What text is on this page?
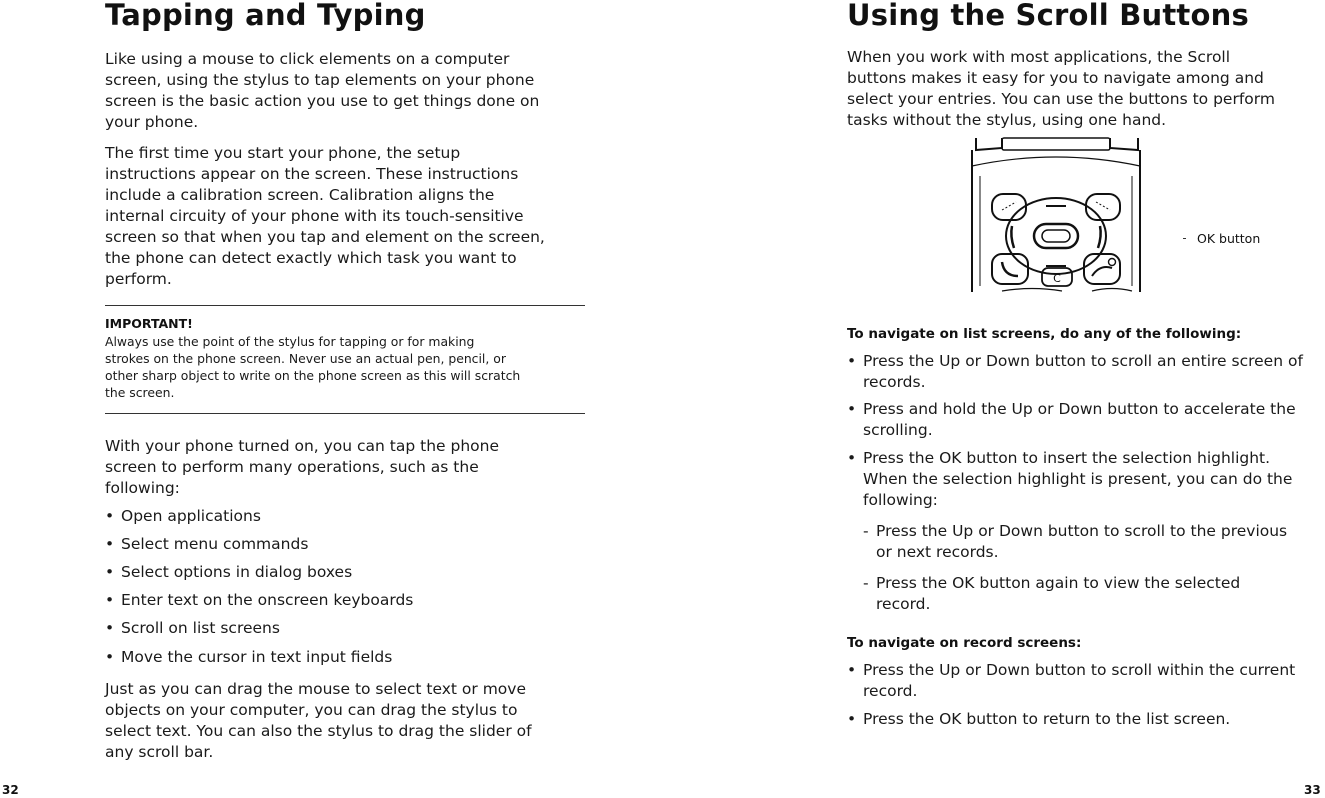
Tapping and Typing

Like using a mouse to click elements on a computer
screen, using the stylus to tap elements on your phone
screen is the basic action you use to get things done on
your phone.

The first time you start your phone, the setup
instructions appear on the screen. These instructions
include a calibration screen. Calibration aligns the
internal circuity of your phone with its touch-sensitive
screen so that when you tap and element on the screen,
the phone can detect exactly which task you want to
perform.

IMPORTANT!

Always use the point of the stylus for tapping or for making
strokes on the phone screen. Never use an actual pen, pencil, or
other sharp object to write on the phone screen as this will scratch
the screen.

With your phone turned on, you can tap the phone
screen to perform many operations, such as the
following:

• Open applications

• Select menu commands

• Select options in dialog boxes

• Enter text on the onscreen keyboards

• Scroll on list screens

• Move the cursor in text input fields

Just as you can drag the mouse to select text or move
objects on your computer, you can drag the stylus to
select text. You can also the stylus to drag the slider of
any scroll bar.

32

Using the Scroll Buttons

When you work with most applications, the Scroll
buttons makes it easy for you to navigate among and
select your entries. You can use the buttons to perform
tasks without the stylus, using one hand.

C

OK button

To navigate on list screens, do any of the following:

• Press the Up or Down button to scroll an entire screen of
records.

• Press and hold the Up or Down button to accelerate the
scrolling.

• Press the OK button to insert the selection highlight.
When the selection highlight is present, you can do the
following:

- Press the Up or Down button to scroll to the previous
or next records.

- Press the OK button again to view the selected
record.

To navigate on record screens:

• Press the Up or Down button to scroll within the current
record.

• Press the OK button to return to the list screen.

33
